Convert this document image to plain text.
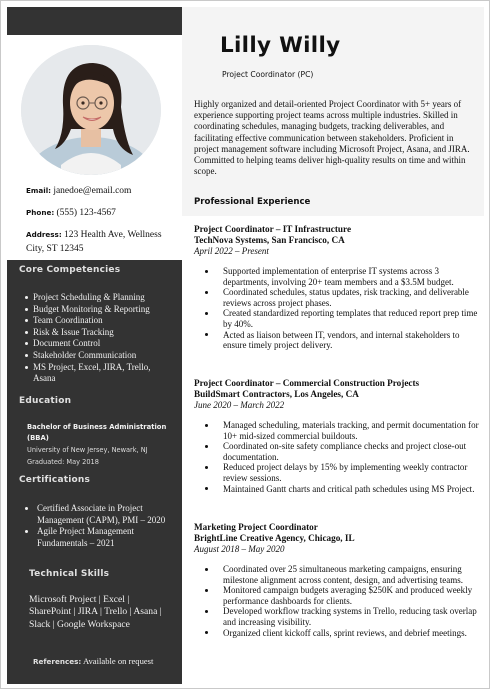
Email: janedoe@email.com
Phone: (555) 123-4567
Address: 123 Health Ave, Wellness City, ST 12345
Core Competencies
Project Scheduling & Planning
Budget Monitoring & Reporting
Team Coordination
Risk & Issue Tracking
Document Control
Stakeholder Communication
MS Project, Excel, JIRA, Trello, Asana
Education
Bachelor of Business Administration (BBA)
University of New Jersey, Newark, NJ
Graduated: May 2018
Certifications
Certified Associate in Project Management (CAPM), PMI – 2020
Agile Project Management Fundamentals – 2021
Technical Skills
Microsoft Project | Excel | SharePoint | JIRA | Trello | Asana | Slack | Google Workspace
References: Available on request
Lilly Willy
Project Coordinator (PC)
Highly organized and detail-oriented Project Coordinator with 5+ years of experience supporting project teams across multiple industries. Skilled in coordinating schedules, managing budgets, tracking deliverables, and facilitating effective communication between stakeholders. Proficient in project management software including Microsoft Project, Asana, and JIRA. Committed to helping teams deliver high-quality results on time and within scope.
Professional Experience
Project Coordinator – IT Infrastructure
TechNova Systems, San Francisco, CA
April 2022 – Present
Supported implementation of enterprise IT systems across 3 departments, involving 20+ team members and a $3.5M budget.
Coordinated schedules, status updates, risk tracking, and deliverable reviews across project phases.
Created standardized reporting templates that reduced report prep time by 40%.
Acted as liaison between IT, vendors, and internal stakeholders to ensure timely project delivery.
Project Coordinator – Commercial Construction Projects
BuildSmart Contractors, Los Angeles, CA
June 2020 – March 2022
Managed scheduling, materials tracking, and permit documentation for 10+ mid-sized commercial buildouts.
Coordinated on-site safety compliance checks and project close-out documentation.
Reduced project delays by 15% by implementing weekly contractor review sessions.
Maintained Gantt charts and critical path schedules using MS Project.
Marketing Project Coordinator
BrightLine Creative Agency, Chicago, IL
August 2018 – May 2020
Coordinated over 25 simultaneous marketing campaigns, ensuring milestone alignment across content, design, and advertising teams.
Monitored campaign budgets averaging $250K and produced weekly performance dashboards for clients.
Developed workflow tracking systems in Trello, reducing task overlap and increasing visibility.
Organized client kickoff calls, sprint reviews, and debrief meetings.
